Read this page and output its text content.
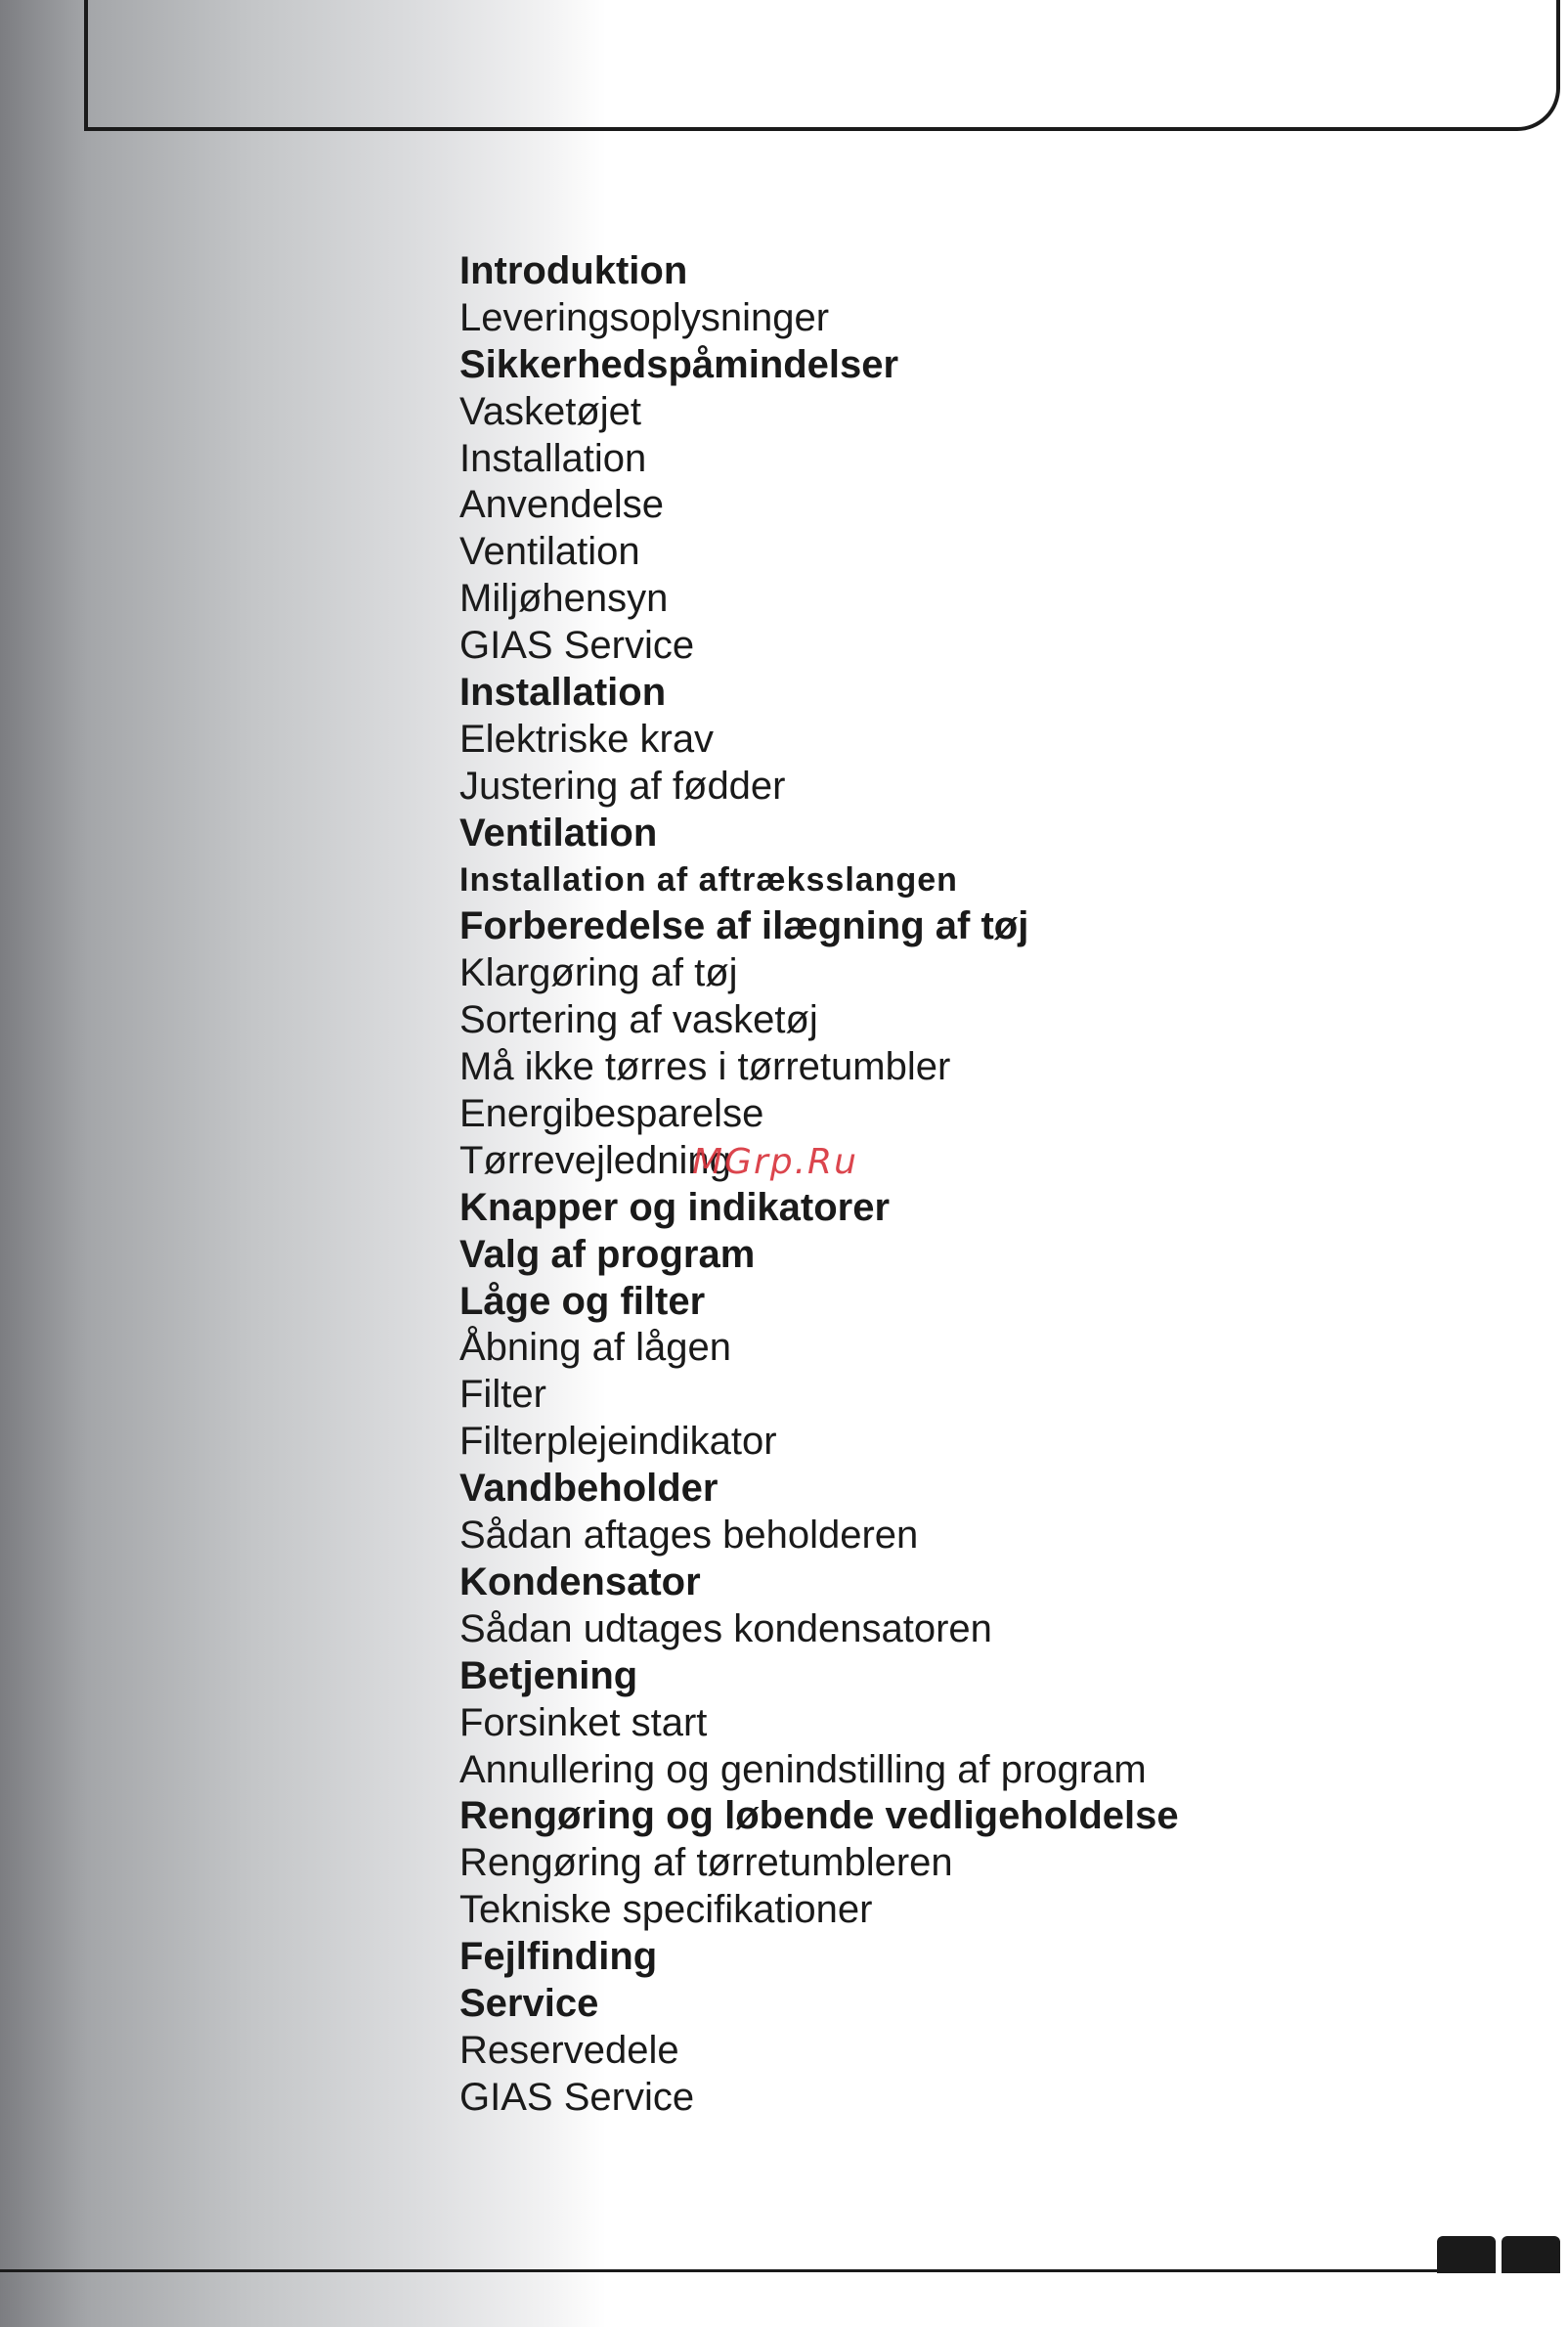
Introduktion
Leveringsoplysninger
Sikkerhedspåmindelser
Vasketøjet
Installation
Anvendelse
Ventilation
Miljøhensyn
GIAS Service
Installation
Elektriske krav
Justering af fødder
Ventilation
Installation af aftræksslangen
Forberedelse af ilægning af tøj
Klargøring af tøj
Sortering af vasketøj
Må ikke tørres i tørretumbler
Energibesparelse
Tørrevejledning
Knapper og indikatorer
Valg af program
Låge og filter
Åbning af lågen
Filter
Filterplejeindikator
Vandbeholder
Sådan aftages beholderen
Kondensator
Sådan udtages kondensatoren
Betjening
Forsinket start
Annullering og genindstilling af program
Rengøring og løbende vedligeholdelse
Rengøring af tørretumbleren
Tekniske specifikationer
Fejlfinding
Service
Reservedele
GIAS Service
MGrp.Ru
